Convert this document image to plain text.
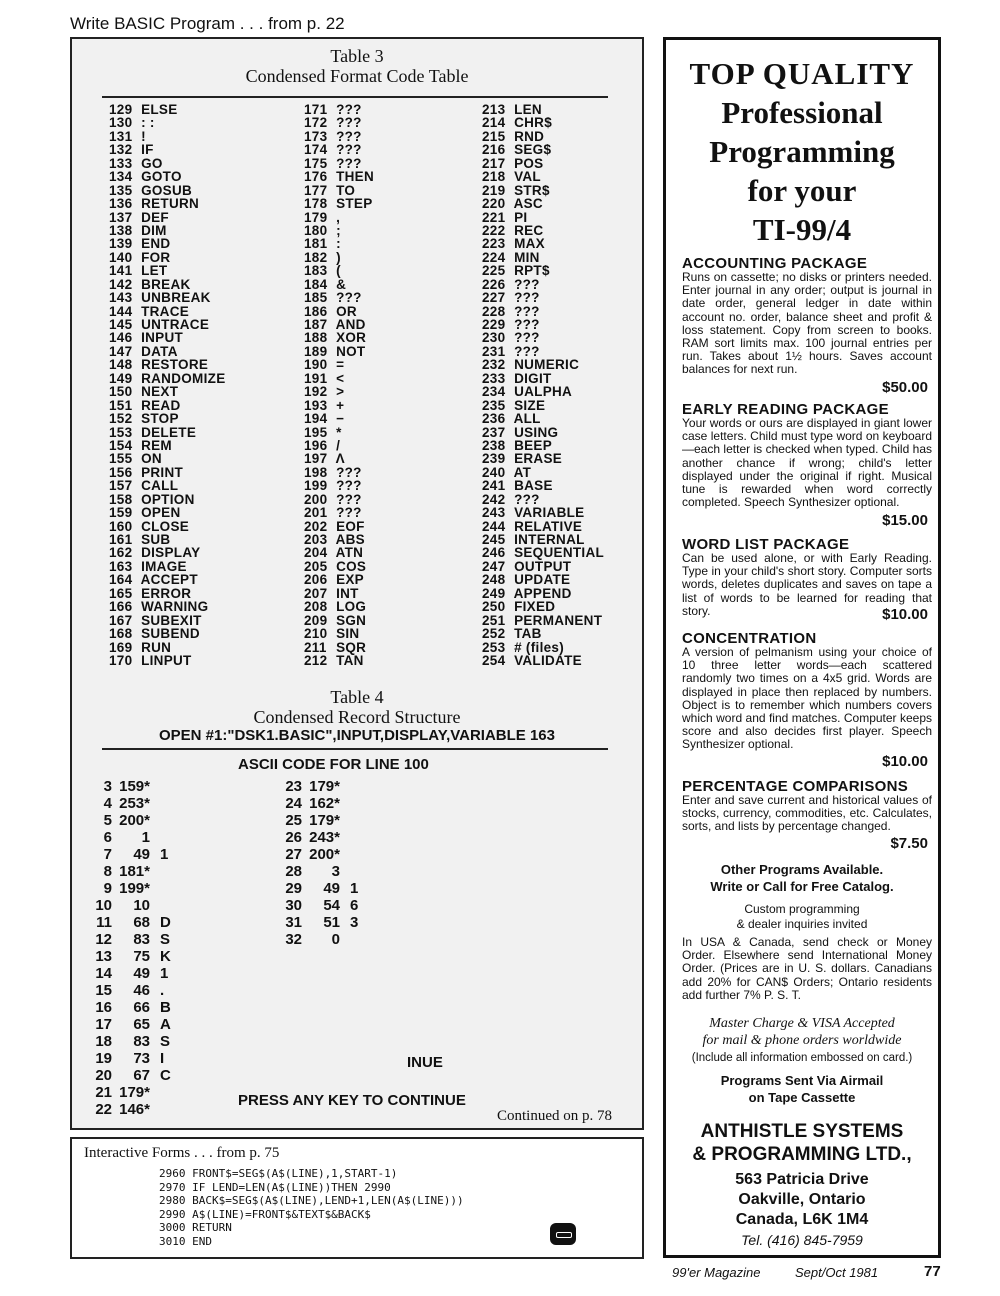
Write BASIC Program . . . from p. 22
Table 3
Condensed Format Code Table
129 ELSE
130 : :
131 !
132 IF
133 GO
134 GOTO
135 GOSUB
136 RETURN
137 DEF
138 DIM
139 END
140 FOR
141 LET
142 BREAK
143 UNBREAK
144 TRACE
145 UNTRACE
146 INPUT
147 DATA
148 RESTORE
149 RANDOMIZE
150 NEXT
151 READ
152 STOP
153 DELETE
154 REM
155 ON
156 PRINT
157 CALL
158 OPTION
159 OPEN
160 CLOSE
161 SUB
162 DISPLAY
163 IMAGE
164 ACCEPT
165 ERROR
166 WARNING
167 SUBEXIT
168 SUBEND
169 RUN
170 LINPUT
171 ???
172 ???
173 ???
174 ???
175 ???
176 THEN
177 TO
178 STEP
179 ,
180 ;
181 :
182 )
183 (
184 &
185 ???
186 OR
187 AND
188 XOR
189 NOT
190 =
191 <
192 >
193 +
194 −
195 *
196 /
197 Λ
198 ???
199 ???
200 ???
201 ???
202 EOF
203 ABS
204 ATN
205 COS
206 EXP
207 INT
208 LOG
209 SGN
210 SIN
211 SQR
212 TAN
213 LEN
214 CHR$
215 RND
216 SEG$
217 POS
218 VAL
219 STR$
220 ASC
221 PI
222 REC
223 MAX
224 MIN
225 RPT$
226 ???
227 ???
228 ???
229 ???
230 ???
231 ???
232 NUMERIC
233 DIGIT
234 UALPHA
235 SIZE
236 ALL
237 USING
238 BEEP
239 ERASE
240 AT
241 BASE
242 ???
243 VARIABLE
244 RELATIVE
245 INTERNAL
246 SEQUENTIAL
247 OUTPUT
248 UPDATE
249 APPEND
250 FIXED
251 PERMANENT
252 TAB
253 # (files)
254 VALIDATE
Table 4
Condensed Record Structure
OPEN #1:"DSK1.BASIC",INPUT,DISPLAY,VARIABLE 163
ASCII CODE FOR LINE 100
3 159*
4 253*
5 200*
6 1
7 49 1
8 181*
9 199*
10 10
11 68 D
12 83 S
13 75 K
14 49 1
15 46 .
16 66 B
17 65 A
18 83 S
19 73 I
20 67 C
21 179*
22 146*
23 179*
24 162*
25 179*
26 243*
27 200*
28 3
29 49 1
30 54 6
31 51 3
32 0
INUE
PRESS ANY KEY TO CONTINUE
Continued on p. 78
Interactive Forms . . . from p. 75
2960 FRONT$=SEG$(A$(LINE),1,START-1)
2970 IF LEND=LEN(A$(LINE))THEN 2990
2980 BACK$=SEG$(A$(LINE),LEND+1,LEN(A$(LINE)))
2990 A$(LINE)=FRONT$&TEXT$&BACK$
3000 RETURN
3010 END
TOP QUALITY
Professional
Programming
for your
TI-99/4
ACCOUNTING PACKAGE
Runs on cassette; no disks or printers needed. Enter journal in any order; output is journal in date order, general ledger in date within account no. order, balance sheet and profit & loss statement. Copy from screen to books. RAM sort limits max. 100 journal entries per run. Takes about 1½ hours. Saves account balances for next run.
$50.00
EARLY READING PACKAGE
Your words or ours are displayed in giant lower case letters. Child must type word on keyboard—each letter is checked when typed. Child has another chance if wrong; child's letter displayed under the original if right. Musical tune is rewarded when word correctly completed. Speech Synthesizer optional.
$15.00
WORD LIST PACKAGE
Can be used alone, or with Early Reading. Type in your child's short story. Computer sorts words, deletes duplicates and saves on tape a list of words to be learned for reading that story.	$10.00
CONCENTRATION
A version of pelmanism using your choice of 10 three letter words—each scattered randomly two times on a 4x5 grid. Words are displayed in place then replaced by numbers. Object is to remember which numbers covers which word and find matches. Computer keeps score and also decides first player. Speech Synthesizer optional.
$10.00
PERCENTAGE COMPARISONS
Enter and save current and historical values of stocks, currency, commodities, etc. Calculates, sorts, and lists by percentage changed.
$7.50
Other Programs Available.
Write or Call for Free Catalog.
Custom programming
& dealer inquiries invited
In USA & Canada, send check or Money Order. Elsewhere send International Money Order. (Prices are in U. S. dollars. Canadians add 20% for CAN$ Orders; Ontario residents add further 7% P. S. T.
Master Charge & VISA Accepted
for mail & phone orders worldwide
(Include all information embossed on card.)
Programs Sent Via Airmail
on Tape Cassette
ANTHISTLE SYSTEMS
& PROGRAMMING LTD.,
563 Patricia Drive
Oakville, Ontario
Canada, L6K 1M4
Tel. (416) 845-7959
99'er Magazine	Sept/Oct 1981	77
